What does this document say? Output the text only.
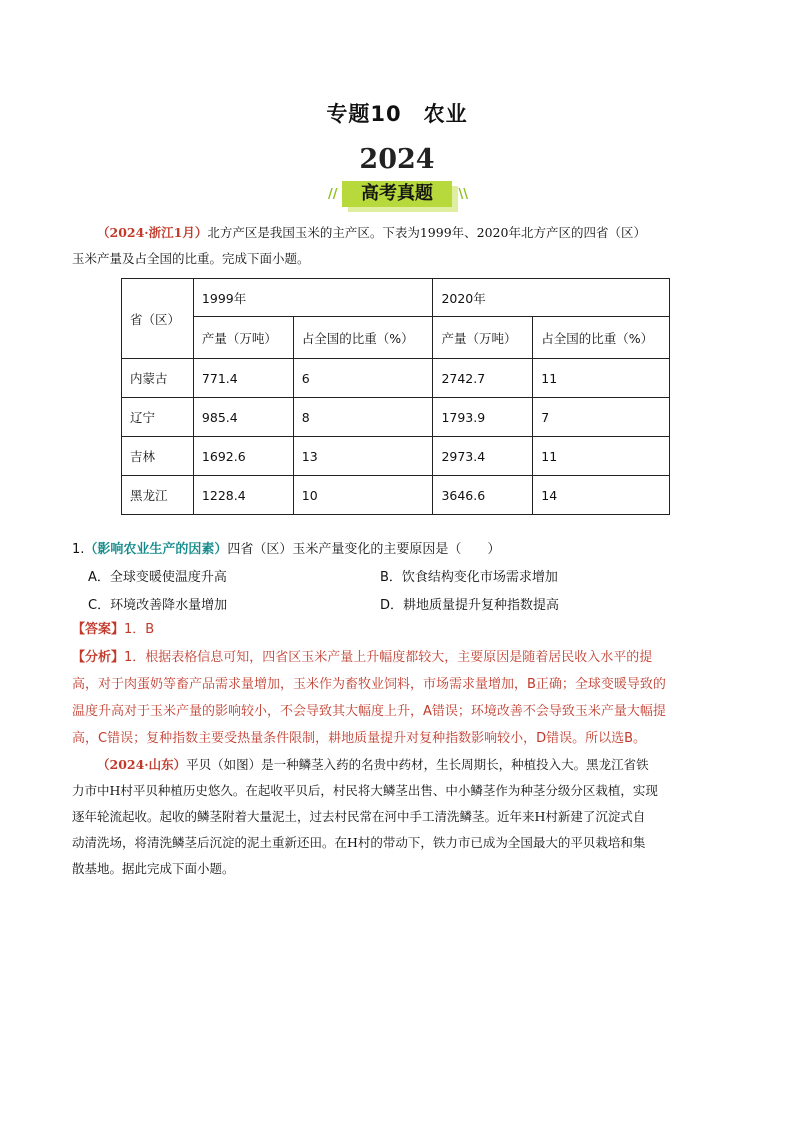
专题10　农业
2024
//	高考真题	\\
（2024·浙江1月）北方产区是我国玉米的主产区。下表为1999年、2020年北方产区的四省（区）
玉米产量及占全国的比重。完成下面小题。
省（区）	1999年		2020年	
	产量（万吨）	占全国的比重（%）	产量（万吨）	占全国的比重（%）
内蒙古	771.4	6	2742.7	11
辽宁	985.4	8	1793.9	7
吉林	1692.6	13	2973.4	11
黑龙江	1228.4	10	3646.6	14
1.（影响农业生产的因素）四省（区）玉米产量变化的主要原因是（　　）
A．全球变暖使温度升高	B．饮食结构变化市场需求增加
C．环境改善降水量增加	D．耕地质量提升复种指数提高
【答案】1．B
【分析】1．根据表格信息可知，四省区玉米产量上升幅度都较大，主要原因是随着居民收入水平的提
高，对于肉蛋奶等畜产品需求量增加，玉米作为畜牧业饲料，市场需求量增加，B正确；全球变暖导致的
温度升高对于玉米产量的影响较小，不会导致其大幅度上升，A错误；环境改善不会导致玉米产量大幅提
高，C错误；复种指数主要受热量条件限制，耕地质量提升对复种指数影响较小，D错误。所以选B。
（2024·山东）平贝（如图）是一种鳞茎入药的名贵中药材，生长周期长，种植投入大。黑龙江省铁
力市中H村平贝种植历史悠久。在起收平贝后，村民将大鳞茎出售、中小鳞茎作为种茎分级分区栽植，实现
逐年轮流起收。起收的鳞茎附着大量泥土，过去村民常在河中手工清洗鳞茎。近年来H村新建了沉淀式自
动清洗场，将清洗鳞茎后沉淀的泥土重新还田。在H村的带动下，铁力市已成为全国最大的平贝栽培和集
散基地。据此完成下面小题。
